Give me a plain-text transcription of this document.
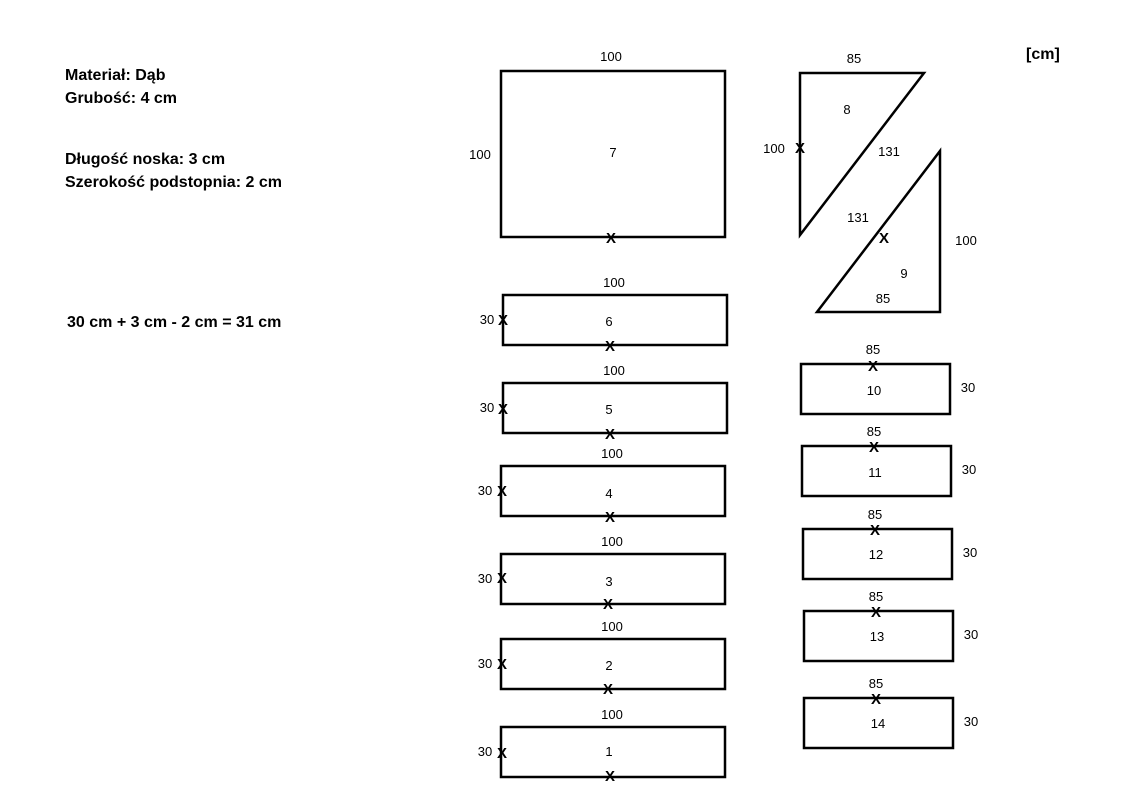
Materiał: Dąb
Grubość: 4 cm
Długość noska: 3 cm
Szerokość podstopnia: 2 cm
30 cm + 3 cm - 2 cm = 31 cm
[cm]
100
100	7
X
85
100 X
8
131
131
X
9
85
100
100
30 X	6
X
100
30 X	5
X
100
30 X	4
X
100
30 X	3
X
100
30 X	2
X
100
30 X	1
X
85
X
10	30
85
X
11	30
85
X
12	30
85
X
13	30
85
X
14	30
